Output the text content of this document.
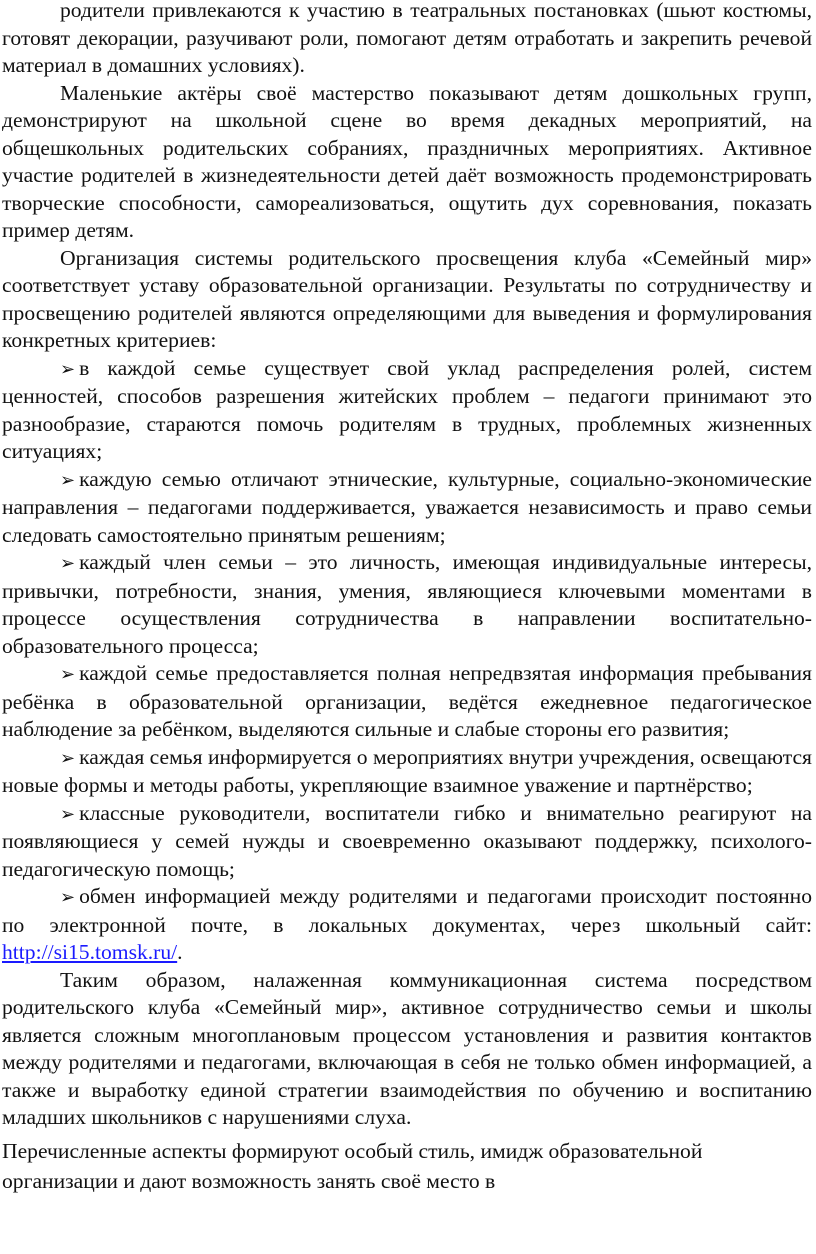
родители привлекаются к участию в театральных постановках (шьют костюмы, готовят декорации, разучивают роли, помогают детям отработать и закрепить речевой материал в домашних условиях).

Маленькие актёры своё мастерство показывают детям дошкольных групп, демонстрируют на школьной сцене во время декадных мероприятий, на общешкольных родительских собраниях, праздничных мероприятиях. Активное участие родителей в жизнедеятельности детей даёт возможность продемонстрировать творческие способности, самореализоваться, ощутить дух соревнования, показать пример детям.

Организация системы родительского просвещения клуба «Семейный мир» соответствует уставу образовательной организации. Результаты по сотрудничеству и просвещению родителей являются определяющими для выведения и формулирования конкретных критериев:

➢ в каждой семье существует свой уклад распределения ролей, систем ценностей, способов разрешения житейских проблем – педагоги принимают это разнообразие, стараются помочь родителям в трудных, проблемных жизненных ситуациях;

➢ каждую семью отличают этнические, культурные, социально-экономические направления – педагогами поддерживается, уважается независимость и право семьи следовать самостоятельно принятым решениям;

➢ каждый член семьи – это личность, имеющая индивидуальные интересы, привычки, потребности, знания, умения, являющиеся ключевыми моментами в процессе осуществления сотрудничества в направлении воспитательно-образовательного процесса;

➢ каждой семье предоставляется полная непредвзятая информация пребывания ребёнка в образовательной организации, ведётся ежедневное педагогическое наблюдение за ребёнком, выделяются сильные и слабые стороны его развития;

➢ каждая семья информируется о мероприятиях внутри учреждения, освещаются новые формы и методы работы, укрепляющие взаимное уважение и партнёрство;

➢ классные руководители, воспитатели гибко и внимательно реагируют на появляющиеся у семей нужды и своевременно оказывают поддержку, психолого-педагогическую помощь;

➢ обмен информацией между родителями и педагогами происходит постоянно по электронной почте, в локальных документах, через школьный сайт: http://si15.tomsk.ru/.

Таким образом, налаженная коммуникационная система посредством родительского клуба «Семейный мир», активное сотрудничество семьи и школы является сложным многоплановым процессом установления и развития контактов между родителями и педагогами, включающая в себя не только обмен информацией, а также и выработку единой стратегии взаимодействия по обучению и воспитанию младших школьников с нарушениями слуха.

Перечисленные аспекты формируют особый стиль, имидж образовательной организации и дают возможность занять своё место в
